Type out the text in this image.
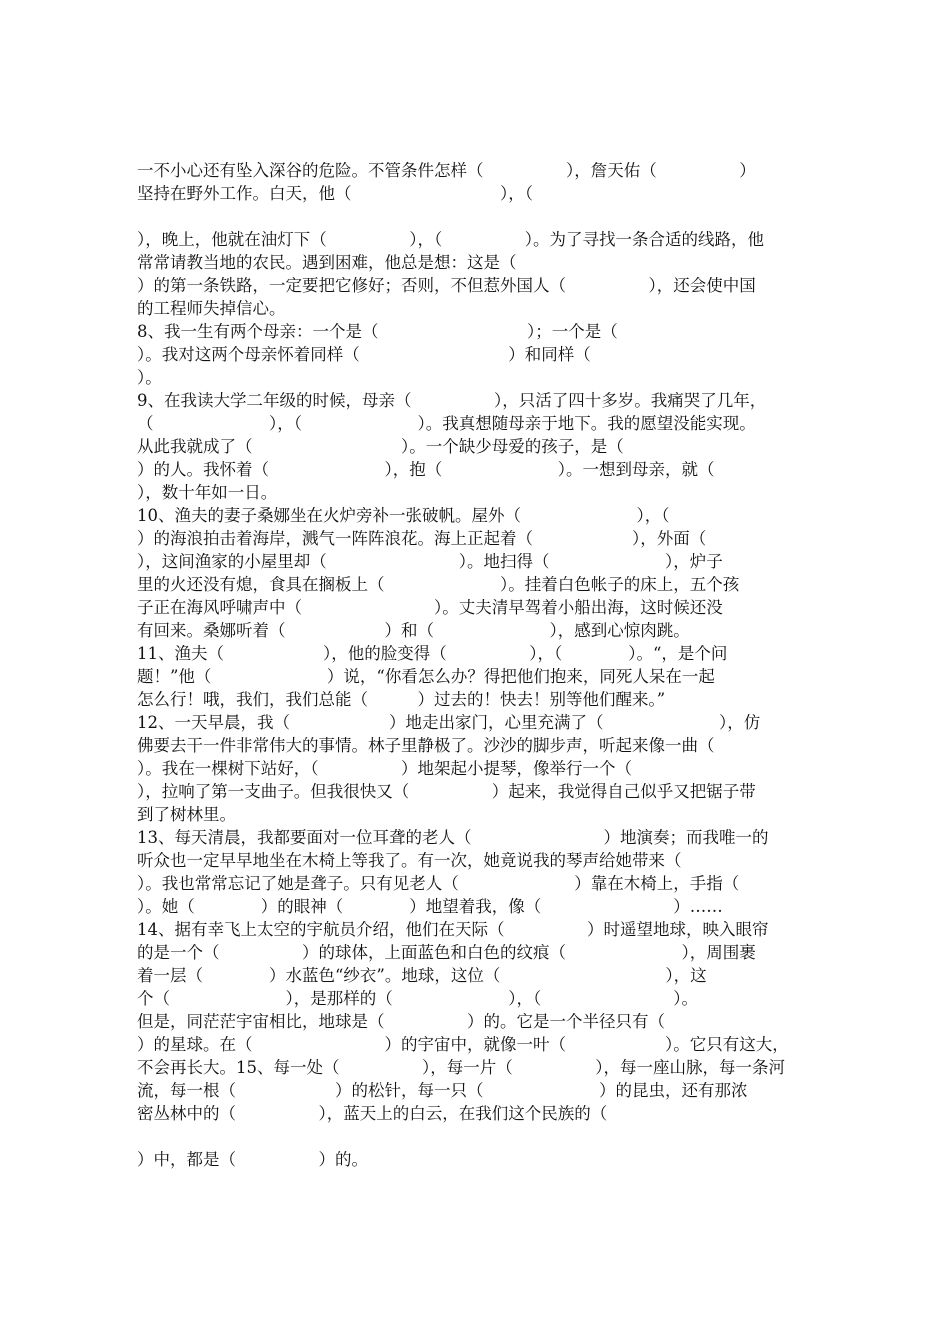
一不小心还有坠入深谷的危险。不管条件怎样（　　　　　），詹天佑（　　　　　）
坚持在野外工作。白天，他（　　　　　　　　　），（
），晚上，他就在油灯下（　　　　　），（　　　　　）。为了寻找一条合适的线路，他
常常请教当地的农民。遇到困难，他总是想：这是（
）的第一条铁路，一定要把它修好；否则，不但惹外国人（　　　　　），还会使中国
的工程师失掉信心。
8、我一生有两个母亲：一个是（　　　　　　　　　）；一个是（
）。我对这两个母亲怀着同样（　　　　　　　　　）和同样（
）。
9、在我读大学二年级的时候，母亲（　　　　　），只活了四十多岁。我痛哭了几年，
（　　　　　　　），（　　　　　　　）。我真想随母亲于地下。我的愿望没能实现。
从此我就成了（　　　　　　　　　）。一个缺少母爱的孩子，是（
）的人。我怀着（　　　　　　　），抱（　　　　　　　）。一想到母亲，就（
），数十年如一日。
10、渔夫的妻子桑娜坐在火炉旁补一张破帆。屋外（　　　　　　　），（
）的海浪拍击着海岸，溅气一阵阵浪花。海上正起着（　　　　　　），外面（
），这间渔家的小屋里却（　　　　　　　　）。地扫得（　　　　　　　），炉子
里的火还没有熄，食具在搁板上（　　　　　　　）。挂着白色帐子的床上，五个孩
子正在海风呼啸声中（　　　　　　　　）。丈夫清早驾着小船出海，这时候还没
有回来。桑娜听着（　　　　　　）和（　　　　　　　），感到心惊肉跳。
11、渔夫（　　　　　　），他的脸变得（　　　　　），（　　　　）。“，是个问
题！”他（　　　　　　　）说，“你看怎么办？得把他们抱来，同死人呆在一起
怎么行！哦，我们，我们总能（　　　）过去的！快去！别等他们醒来。”
12、一天早晨，我（　　　　　　）地走出家门，心里充满了（　　　　　　　），仿
佛要去干一件非常伟大的事情。林子里静极了。沙沙的脚步声，听起来像一曲（
）。我在一棵树下站好，（　　　　　）地架起小提琴，像举行一个（
），拉响了第一支曲子。但我很快又（　　　　　）起来，我觉得自己似乎又把锯子带
到了树林里。
13、每天清晨，我都要面对一位耳聋的老人（　　　　　　　　）地演奏；而我唯一的
听众也一定早早地坐在木椅上等我了。有一次，她竟说我的琴声给她带来（
）。我也常常忘记了她是聋子。只有见老人（　　　　　　　）靠在木椅上，手指（
）。她（　　　　）的眼神（　　　　）地望着我，像（　　　　　　　　）……
14、据有幸飞上太空的宇航员介绍，他们在天际（　　　　　）时遥望地球，映入眼帘
的是一个（　　　　　）的球体，上面蓝色和白色的纹痕（　　　　　　　），周围裹
着一层（　　　　）水蓝色“纱衣”。地球，这位（　　　　　　　　　　），这
个（　　　　　　　），是那样的（　　　　　　　），（　　　　　　　　）。
但是，同茫茫宇宙相比，地球是（　　　　　）的。它是一个半径只有（
）的星球。在（　　　　　　　　）的宇宙中，就像一叶（　　　　　　）。它只有这大，
不会再长大。15、每一处（　　　　　），每一片（　　　　　），每一座山脉，每一条河
流，每一根（　　　　　　）的松针，每一只（　　　　　　　）的昆虫，还有那浓
密丛林中的（　　　　　），蓝天上的白云，在我们这个民族的（
）中，都是（　　　　　）的。
